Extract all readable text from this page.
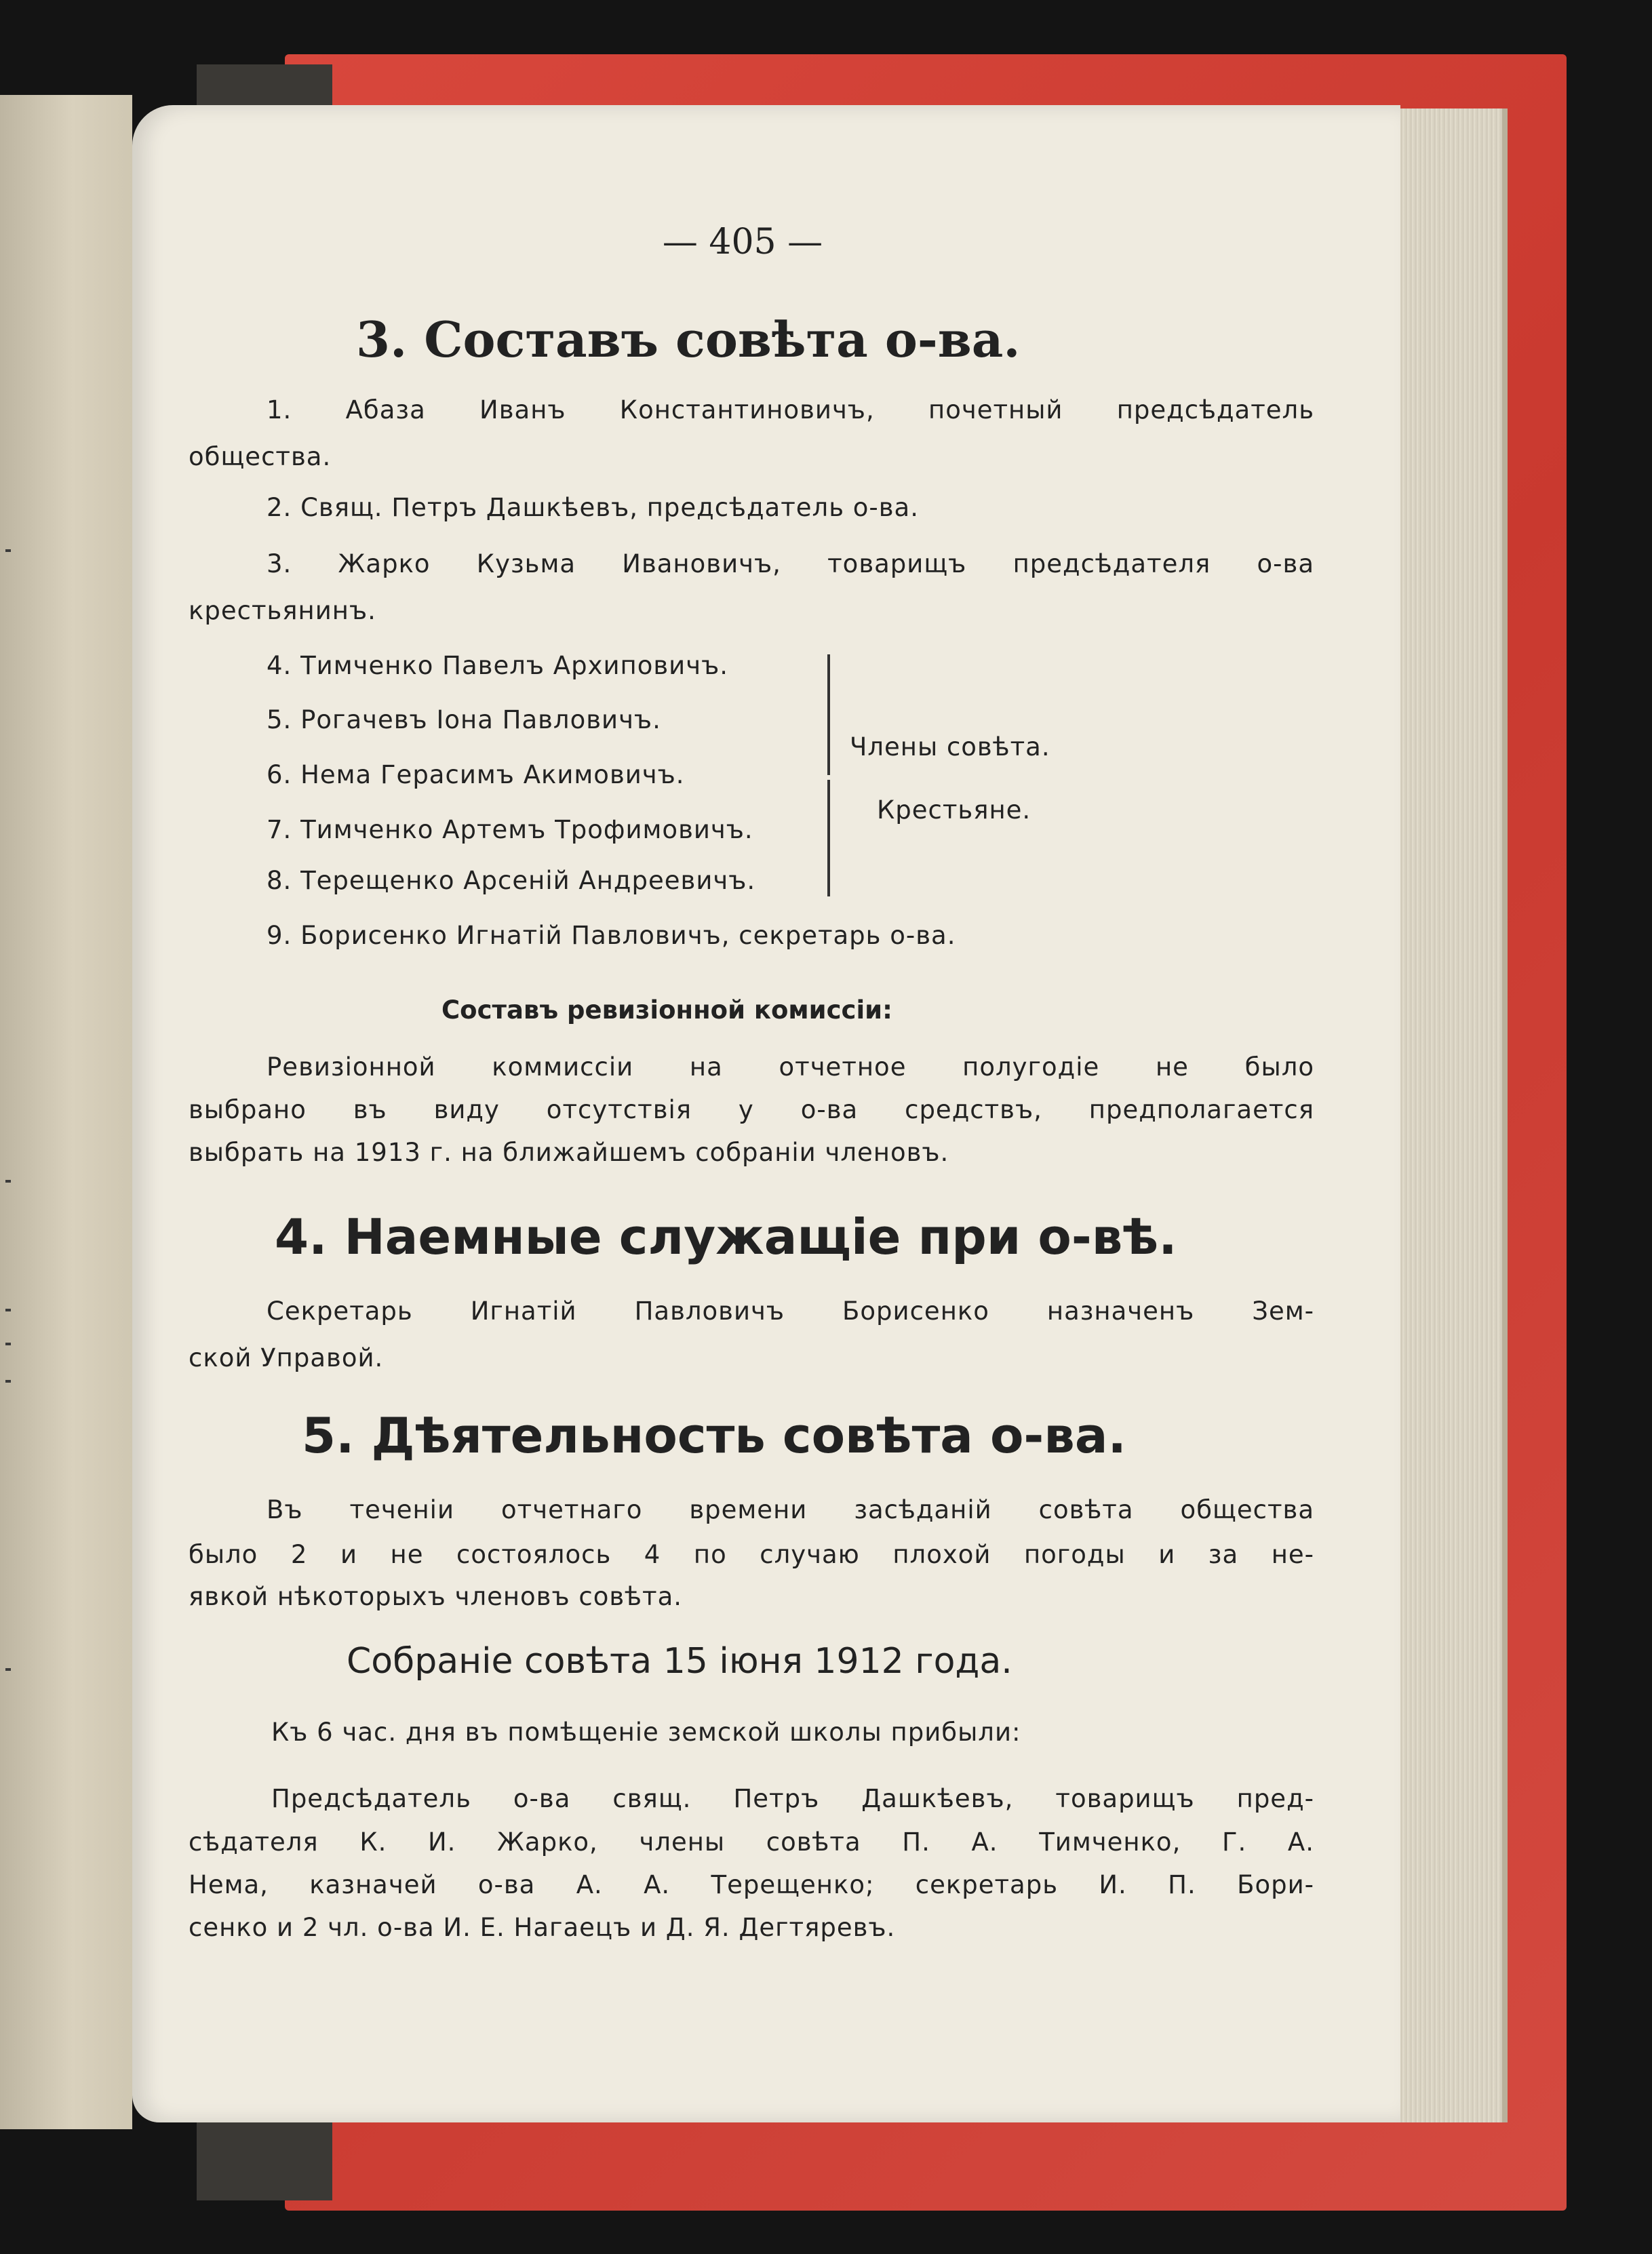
— 405 —

3. Составъ совѣта о-ва.

1. Абаза Иванъ Константиновичъ, почетный предсѣдатель

общества.

2. Свящ. Петръ Дашкѣевъ, предсѣдатель о-ва.

3. Жарко Кузьма Ивановичъ, товарищъ предсѣдателя о-ва

крестьянинъ.

4. Тимченко Павелъ Архиповичъ.

5. Рогачевъ Іона Павловичъ.

6. Нема Герасимъ Акимовичъ.

7. Тимченко Артемъ Трофимовичъ.

8. Терещенко Арсеній Андреевичъ.

9. Борисенко Игнатій Павловичъ, секретарь о-ва.

Члены совѣта.

Крестьяне.

Составъ ревизіонной комиссіи:

Ревизіонной коммиссіи на отчетное полугодіе не было

выбрано въ виду отсутствія у о-ва средствъ, предполагается

выбрать на 1913 г. на ближайшемъ собраніи членовъ.

4. Наемные служащіе при о-вѣ.

Секретарь Игнатій Павловичъ Борисенко назначенъ Зем-

ской Управой.

5. Дѣятельность совѣта о-ва.

Въ теченіи отчетнаго времени засѣданій совѣта общества

было 2 и не состоялось 4 по случаю плохой погоды и за не-

явкой нѣкоторыхъ членовъ совѣта.

Собраніе совѣта 15 іюня 1912 года.

Къ 6 час. дня въ помѣщеніе земской школы прибыли:

Предсѣдатель о-ва свящ. Петръ Дашкѣевъ, товарищъ пред-

сѣдателя К. И. Жарко, члены совѣта П. А. Тимченко, Г. А.

Нема, казначей о-ва А. А. Терещенко; секретарь И. П. Бори-

сенко и 2 чл. о-ва И. Е. Нагаецъ и Д. Я. Дегтяревъ.
